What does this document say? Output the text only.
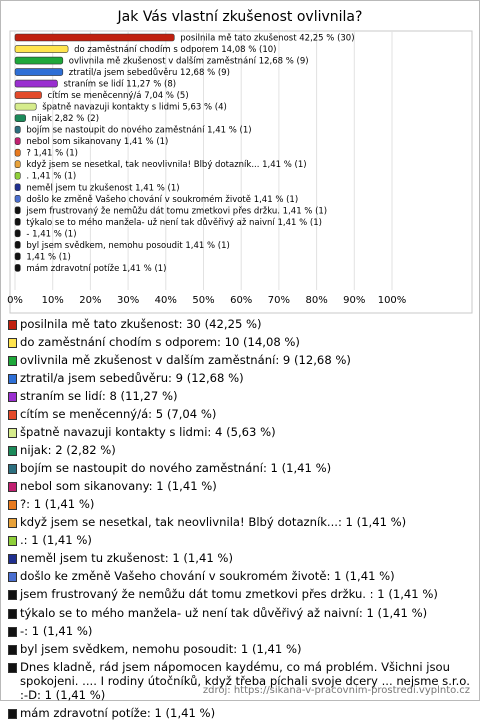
Jak Vás vlastní zkušenost ovlivnila?
posilnila mě tato zkušenost 42,25 % (30)
do zaměstnání chodím s odporem 14,08 % (10)
ovlivnila mě zkušenost v dalším zaměstnání 12,68 % (9)
ztratil/a jsem sebedůvěru 12,68 % (9)
straním se lidí 11,27 % (8)
cítím se meněcenný/á 7,04 % (5)
špatně navazuji kontakty s lidmi 5,63 % (4)
nijak 2,82 % (2)
bojím se nastoupit do nového zaměstnání 1,41 % (1)
nebol som sikanovany 1,41 % (1)
? 1,41 % (1)
když jsem se nesetkal, tak neovlivnila! Blbý dotazník... 1,41 % (1)
. 1,41 % (1)
neměl jsem tu zkušenost 1,41 % (1)
došlo ke změně Vašeho chování v soukromém životě 1,41 % (1)
jsem frustrovaný že nemůžu dát tomu zmetkovi přes držku. 1,41 % (1)
týkalo se to mého manžela- už není tak důvěřivý až naivní 1,41 % (1)
- 1,41 % (1)
byl jsem svědkem, nemohu posoudit 1,41 % (1)
1,41 % (1)
mám zdravotní potíže 1,41 % (1)
0% 10% 20% 30% 40% 50% 60% 70% 80% 90% 100%
posilnila mě tato zkušenost: 30 (42,25 %)
do zaměstnání chodím s odporem: 10 (14,08 %)
ovlivnila mě zkušenost v dalším zaměstnání: 9 (12,68 %)
ztratil/a jsem sebedůvěru: 9 (12,68 %)
straním se lidí: 8 (11,27 %)
cítím se meněcenný/á: 5 (7,04 %)
špatně navazuji kontakty s lidmi: 4 (5,63 %)
nijak: 2 (2,82 %)
bojím se nastoupit do nového zaměstnání: 1 (1,41 %)
nebol som sikanovany: 1 (1,41 %)
?: 1 (1,41 %)
když jsem se nesetkal, tak neovlivnila! Blbý dotazník...: 1 (1,41 %)
.: 1 (1,41 %)
neměl jsem tu zkušenost: 1 (1,41 %)
došlo ke změně Vašeho chování v soukromém životě: 1 (1,41 %)
jsem frustrovaný že nemůžu dát tomu zmetkovi přes držku. : 1 (1,41 %)
týkalo se to mého manžela- už není tak důvěřivý až naivní: 1 (1,41 %)
-: 1 (1,41 %)
byl jsem svědkem, nemohu posoudit: 1 (1,41 %)
Dnes kladně, rád jsem nápomocen kayd́ému, co má problém. Všichni jsou spokojeni. .... I rodiny útočníků, když třeba píchali svoje dcery ... nejsme s.r.o. :-D: 1 (1,41 %)
mám zdravotní potíže: 1 (1,41 %)
zdroj: https://sikana-v-pracovnim-prostredi.vyplnto.cz
